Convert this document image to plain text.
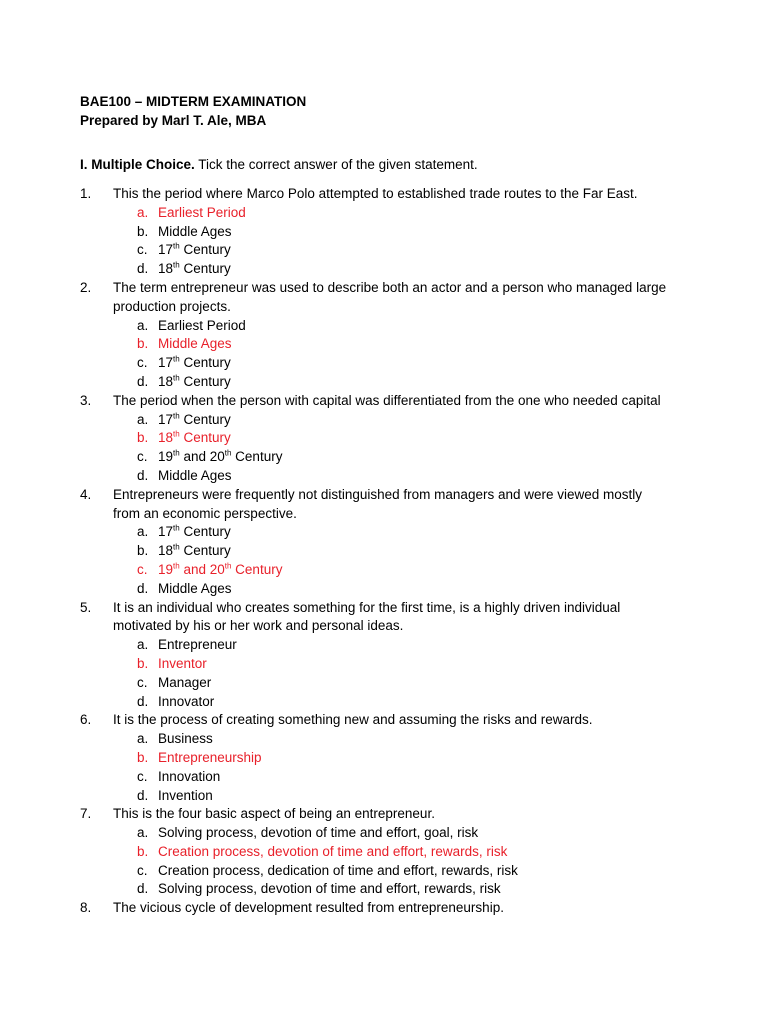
BAE100 – MIDTERM EXAMINATION
Prepared by Marl T. Ale, MBA
I. Multiple Choice. Tick the correct answer of the given statement.
1. This the period where Marco Polo attempted to established trade routes to the Far East.
a. Earliest Period
b. Middle Ages
c. 17th Century
d. 18th Century
2. The term entrepreneur was used to describe both an actor and a person who managed large production projects.
a. Earliest Period
b. Middle Ages
c. 17th Century
d. 18th Century
3. The period when the person with capital was differentiated from the one who needed capital
a. 17th Century
b. 18th Century
c. 19th and 20th Century
d. Middle Ages
4. Entrepreneurs were frequently not distinguished from managers and were viewed mostly from an economic perspective.
a. 17th Century
b. 18th Century
c. 19th and 20th Century
d. Middle Ages
5. It is an individual who creates something for the first time, is a highly driven individual motivated by his or her work and personal ideas.
a. Entrepreneur
b. Inventor
c. Manager
d. Innovator
6. It is the process of creating something new and assuming the risks and rewards.
a. Business
b. Entrepreneurship
c. Innovation
d. Invention
7. This is the four basic aspect of being an entrepreneur.
a. Solving process, devotion of time and effort, goal, risk
b. Creation process, devotion of time and effort, rewards, risk
c. Creation process, dedication of time and effort, rewards, risk
d. Solving process, devotion of time and effort, rewards, risk
8. The vicious cycle of development resulted from entrepreneurship.
